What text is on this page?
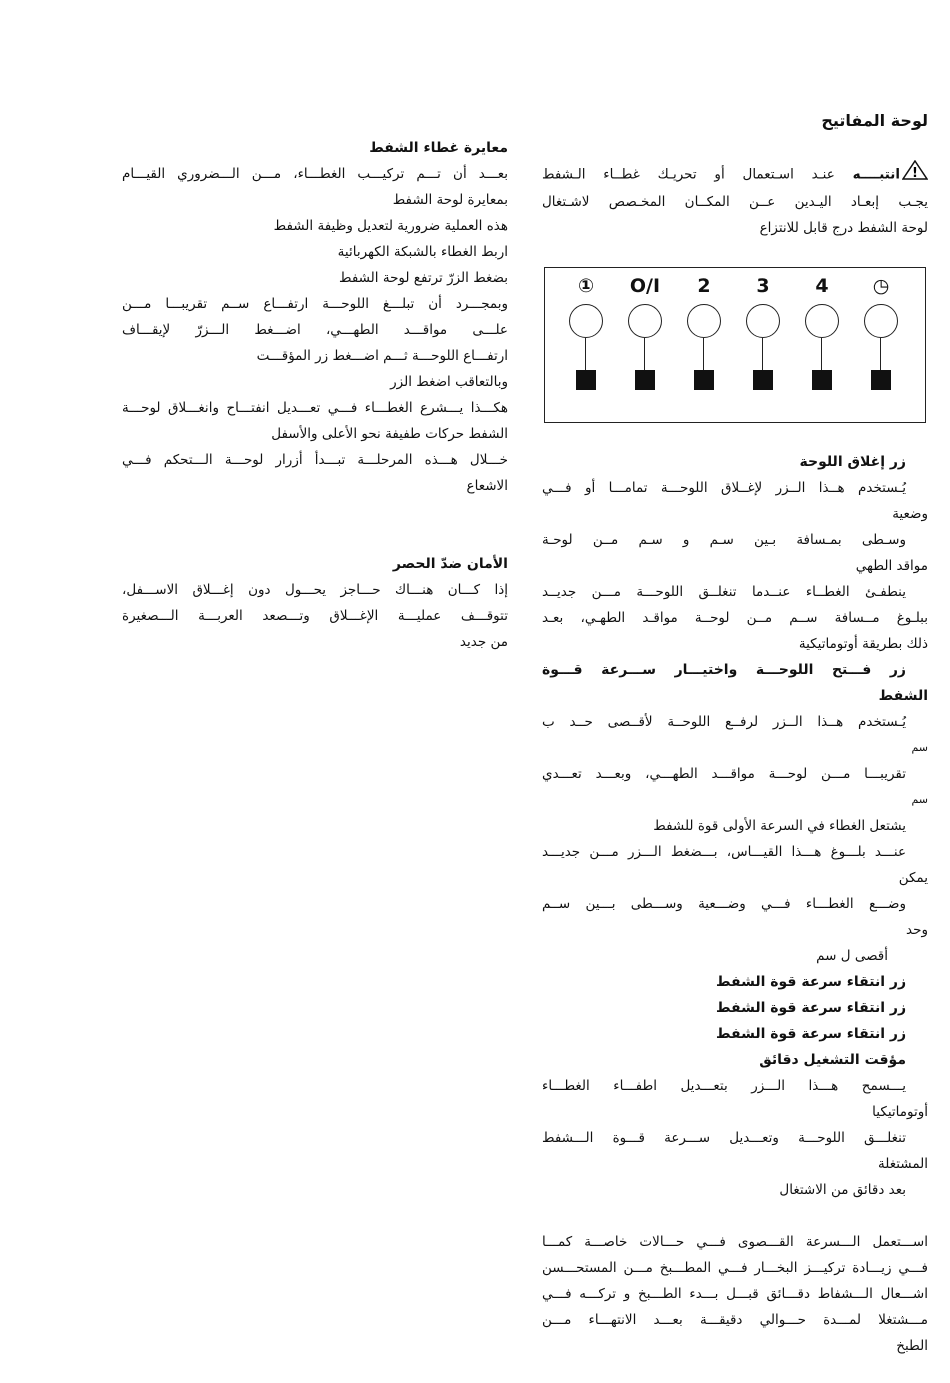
لوحة المفاتيح
!
انتبــــه عنـد اسـتعمال أو تحريـك غطــاء الـشفط
يجـب إبعـاد اليـدين عــن المكــان المخـصص لاشـتغال
لوحة الشفط درج قابل للانتزاع
①	O/I	2	3	4	◷
زر إغلاق اللوحة
يُـستخدم هــذا الــزر لإغــلاق اللوحـــة تمامـــا أو فـــي
وضعية
وسـطى بمـسافة بـين سـم و سـم مــن لوحـة
مواقد الطهي
ينطفـئ الغطــاء عنــدما تنغلــق اللوحـــة مـــن جديــد
ببلـوغ مــسافة ســم مــن لوحــة مواقـد الطهـي، بعـد
ذلك بطريقة أوتوماتيكية
زر فـــتح اللوحـــة واختيـــار ســـرعة قـــوة
الشفط
يُـستخدم هــذا الــزر لرفــع اللوحــة لأقــصى حــد ب
سم
تقريبـــا مـــن لوحـــة مواقـــد الطهـــي، وبعـــد تعـــدي
سم
يشتعل الغطاء في السرعة الأولى قوة للشفط
عنـــد بلـــوغ هـــذا القيـــاس، بـــضغط الـــزر مـــن جديـــد
يمكن
وضـــع الغطـــاء فـــي وضـــعية وســـطى بـــين ســم
وحد
أقصى ل سم
زر انتقاء سرعة قوة الشفط
زر انتقاء سرعة قوة الشفط
زر انتقاء سرعة قوة الشفط
مؤقت التشغيل دقائق
يـــسمح هـــذا الـــزر بتعـــديل اطفـــاء الغطـــاء
أوتوماتيكيا
تنغلـــق اللوحـــة وتعـــديل ســـرعة قـــوة الـــشفط
المشتغلة
بعد دقائق من الاشتغال
اســـتعمل الـــسرعة القـــصوى فـــي حـــالات خاصـــة كمـــا
فـــي زيـــادة تركيـــز البخـــار فـــي المطـــبخ مـــن المستحـــسن
اشـــعال الـــشفاط دقـــائق قبـــل بـــدء الطـــبخ و تركـــه فـــي
مـــشتغلا لمـــدة حـــوالي دقيقـــة بعـــد الانتهـــاء مـــن
الطبخ
معايرة غطاء الشفط
بعـــد أن تـــم تركيـــب الغطـــاء، مـــن الـــضروري القيـــام
بمعايرة لوحة الشفط
هذه العملية ضرورية لتعديل وظيفة الشفط
اربط الغطاء بالشبكة الكهربائية
بضغط الزرّ ترتفع لوحة الشفط
وبمجـــرد أن تبلـــغ اللوحـــة ارتفـــاع ســم تقريبـــا مـــن
علـــى مواقـــد الطهـــي، اضـــغط الـــزرّ لإيقـــاف
ارتفـــاع اللوحـــة ثـــم اضـــغط زر المؤقـــت
وبالتعاقب اضغط الزر
هكـــذا يـــشرع الغطـــاء فـــي تعـــديل انفتـــاح وانغـــلاق لوحـــة
الشفط حركات طفيفة نحو الأعلى والأسفل
خـــلال هـــذه المرحلـــة تبـــدأ أزرار لوحـــة الـــتحكم فـــي
الاشعاع
الأمان ضدّ الحصر
إذا كـــان هنـــاك حـــاجز يحـــول دون إغـــلاق الاســـفل،
تتوقـــف عمليـــة الإغـــلاق وتـــصعد العربـــة الـــصغيرة
من جديد
